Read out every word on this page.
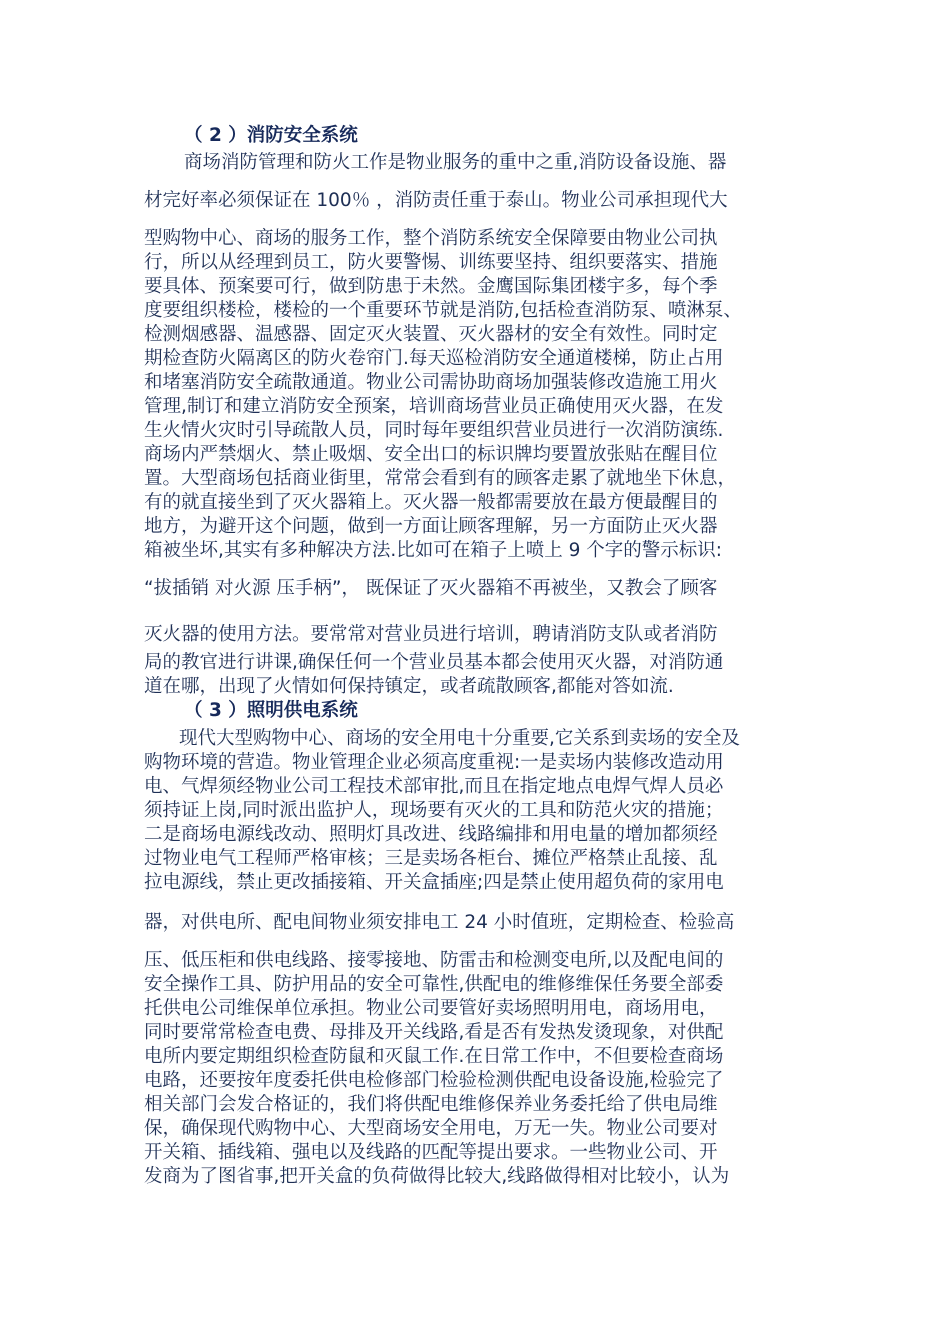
（ 2 ）消防安全系统
商场消防管理和防火工作是物业服务的重中之重,消防设备设施、器
材完好率必须保证在 100％ ，消防责任重于泰山。物业公司承担现代大
型购物中心、商场的服务工作，整个消防系统安全保障要由物业公司执
行，所以从经理到员工，防火要警惕、训练要坚持、组织要落实、措施
要具体、预案要可行，做到防患于未然。金鹰国际集团楼宇多，每个季
度要组织楼检，楼检的一个重要环节就是消防,包括检查消防泵、喷淋泵、
检测烟感器、温感器、固定灭火装置、灭火器材的安全有效性。同时定
期检查防火隔离区的防火卷帘门.每天巡检消防安全通道楼梯，防止占用
和堵塞消防安全疏散通道。物业公司需协助商场加强装修改造施工用火
管理,制订和建立消防安全预案，培训商场营业员正确使用灭火器，在发
生火情火灾时引导疏散人员，同时每年要组织营业员进行一次消防演练.
商场内严禁烟火、禁止吸烟、安全出口的标识牌均要置放张贴在醒目位
置。大型商场包括商业街里，常常会看到有的顾客走累了就地坐下休息，
有的就直接坐到了灭火器箱上。灭火器一般都需要放在最方便最醒目的
地方，为避开这个问题，做到一方面让顾客理解，另一方面防止灭火器
箱被坐坏,其实有多种解决方法.比如可在箱子上喷上 9 个字的警示标识:
“拔插销 对火源 压手柄”， 既保证了灭火器箱不再被坐，又教会了顾客
灭火器的使用方法。要常常对营业员进行培训，聘请消防支队或者消防
局的教官进行讲课,确保任何一个营业员基本都会使用灭火器，对消防通
道在哪，出现了火情如何保持镇定，或者疏散顾客,都能对答如流.
（ 3 ）照明供电系统
现代大型购物中心、商场的安全用电十分重要,它关系到卖场的安全及
购物环境的营造。物业管理企业必须高度重视:一是卖场内装修改造动用
电、气焊须经物业公司工程技术部审批,而且在指定地点电焊气焊人员必
须持证上岗,同时派出监护人，现场要有灭火的工具和防范火灾的措施；
二是商场电源线改动、照明灯具改进、线路编排和用电量的增加都须经
过物业电气工程师严格审核；三是卖场各柜台、摊位严格禁止乱接、乱
拉电源线，禁止更改插接箱、开关盒插座;四是禁止使用超负荷的家用电
器，对供电所、配电间物业须安排电工 24 小时值班，定期检查、检验高
压、低压柜和供电线路、接零接地、防雷击和检测变电所,以及配电间的
安全操作工具、防护用品的安全可靠性,供配电的维修维保任务要全部委
托供电公司维保单位承担。物业公司要管好卖场照明用电，商场用电，
同时要常常检查电费、母排及开关线路,看是否有发热发烫现象，对供配
电所内要定期组织检查防鼠和灭鼠工作.在日常工作中，不但要检查商场
电路，还要按年度委托供电检修部门检验检测供配电设备设施,检验完了
相关部门会发合格证的，我们将供配电维修保养业务委托给了供电局维
保，确保现代购物中心、大型商场安全用电，万无一失。物业公司要对
开关箱、插线箱、强电以及线路的匹配等提出要求。一些物业公司、开
发商为了图省事,把开关盒的负荷做得比较大,线路做得相对比较小，认为
